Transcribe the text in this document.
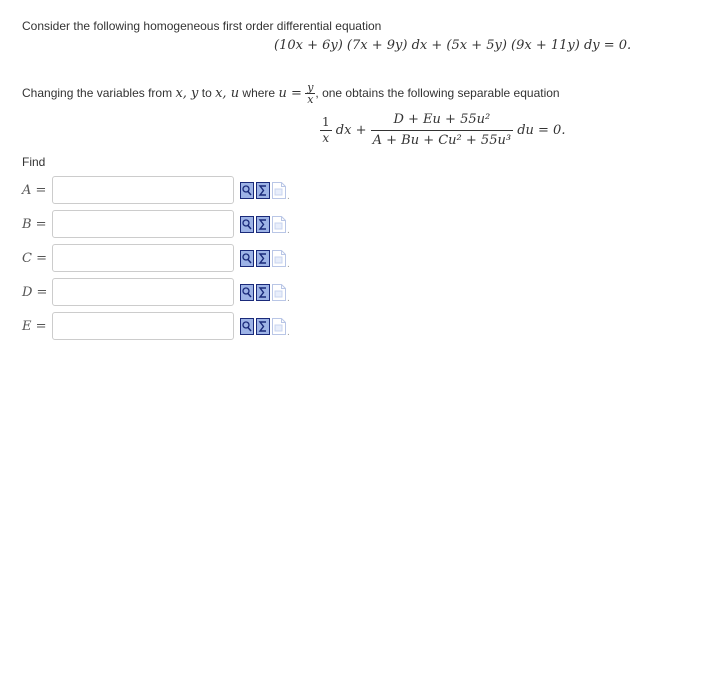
Consider the following homogeneous first order differential equation
(10x + 6y) (7x + 9y) dx + (5x + 5y) (9x + 11y) dy = 0.
Changing the variables from x, y to x, u where $u = \frac{y}{x}$ , one obtains the following separable equation
$\frac{1}{x}$ dx + $\frac{\text{D + Eu + 55u²}}{\text{A + Bu + Cu² + 55u³}}$ du = 0.
Find
A =	.
B =	.
C =	.
D =	.
E =	.
